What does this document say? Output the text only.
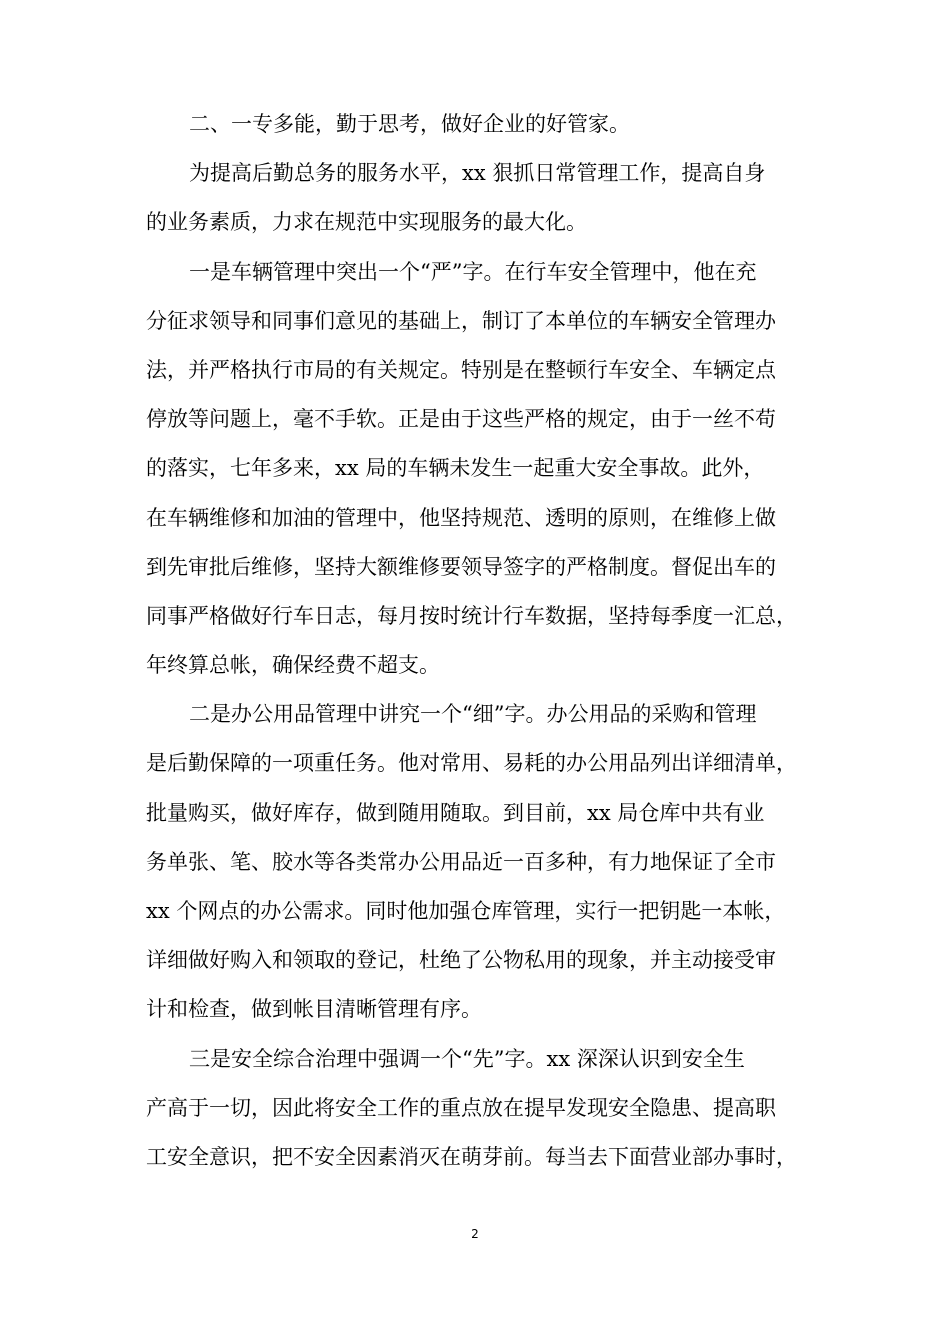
二、一专多能，勤于思考，做好企业的好管家。
为提高后勤总务的服务水平，xx 狠抓日常管理工作，提高自身
的业务素质，力求在规范中实现服务的最大化。
一是车辆管理中突出一个“严”字。在行车安全管理中，他在充
分征求领导和同事们意见的基础上，制订了本单位的车辆安全管理办
法，并严格执行市局的有关规定。特别是在整顿行车安全、车辆定点
停放等问题上，毫不手软。正是由于这些严格的规定，由于一丝不苟
的落实，七年多来，xx 局的车辆未发生一起重大安全事故。此外，
在车辆维修和加油的管理中，他坚持规范、透明的原则，在维修上做
到先审批后维修，坚持大额维修要领导签字的严格制度。督促出车的
同事严格做好行车日志，每月按时统计行车数据，坚持每季度一汇总，
年终算总帐，确保经费不超支。
二是办公用品管理中讲究一个“细”字。办公用品的采购和管理
是后勤保障的一项重任务。他对常用、易耗的办公用品列出详细清单，
批量购买，做好库存，做到随用随取。到目前，xx 局仓库中共有业
务单张、笔、胶水等各类常办公用品近一百多种，有力地保证了全市
xx 个网点的办公需求。同时他加强仓库管理，实行一把钥匙一本帐，
详细做好购入和领取的登记，杜绝了公物私用的现象，并主动接受审
计和检查，做到帐目清晰管理有序。
三是安全综合治理中强调一个“先”字。xx 深深认识到安全生
产高于一切，因此将安全工作的重点放在提早发现安全隐患、提高职
工安全意识，把不安全因素消灭在萌芽前。每当去下面营业部办事时，
2
